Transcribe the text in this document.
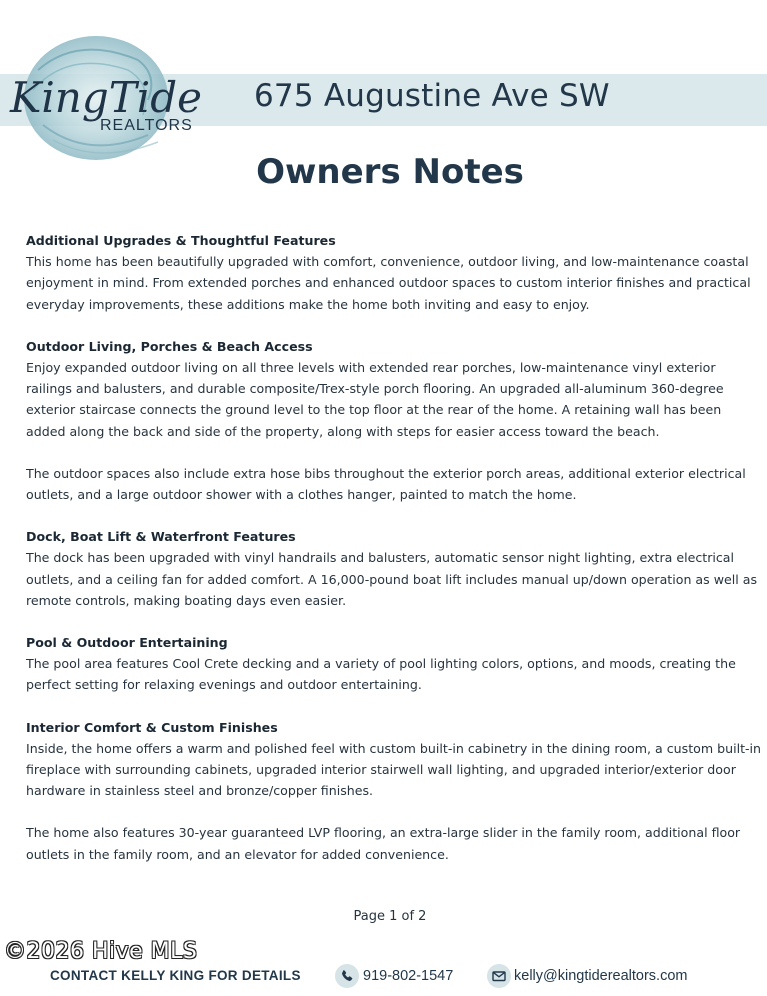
KingTide
REALTORS
675 Augustine Ave SW
Owners Notes
Additional Upgrades & Thoughtful Features
This home has been beautifully upgraded with comfort, convenience, outdoor living, and low-maintenance coastal enjoyment in mind. From extended porches and enhanced outdoor spaces to custom interior finishes and practical everyday improvements, these additions make the home both inviting and easy to enjoy.
Outdoor Living, Porches & Beach Access
Enjoy expanded outdoor living on all three levels with extended rear porches, low-maintenance vinyl exterior railings and balusters, and durable composite/Trex-style porch flooring. An upgraded all-aluminum 360-degree exterior staircase connects the ground level to the top floor at the rear of the home. A retaining wall has been added along the back and side of the property, along with steps for easier access toward the beach.
The outdoor spaces also include extra hose bibs throughout the exterior porch areas, additional exterior electrical outlets, and a large outdoor shower with a clothes hanger, painted to match the home.
Dock, Boat Lift & Waterfront Features
The dock has been upgraded with vinyl handrails and balusters, automatic sensor night lighting, extra electrical outlets, and a ceiling fan for added comfort. A 16,000-pound boat lift includes manual up/down operation as well as remote controls, making boating days even easier.
Pool & Outdoor Entertaining
The pool area features Cool Crete decking and a variety of pool lighting colors, options, and moods, creating the perfect setting for relaxing evenings and outdoor entertaining.
Interior Comfort & Custom Finishes
Inside, the home offers a warm and polished feel with custom built-in cabinetry in the dining room, a custom built-in fireplace with surrounding cabinets, upgraded interior stairwell wall lighting, and upgraded interior/exterior door hardware in stainless steel and bronze/copper finishes.
The home also features 30-year guaranteed LVP flooring, an extra-large slider in the family room, additional floor outlets in the family room, and an elevator for added convenience.
Page 1 of 2
©2026 Hive MLS
CONTACT KELLY KING FOR DETAILS	919-802-1547	kelly@kingtiderealtors.com
